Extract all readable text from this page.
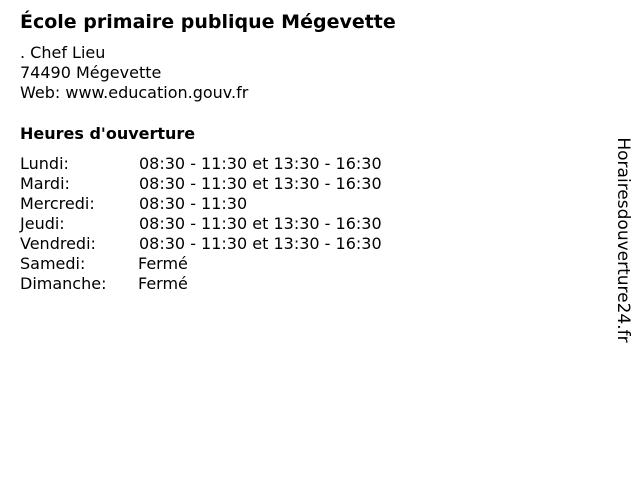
École primaire publique Mégevette
. Chef Lieu
74490 Mégevette
Web: www.education.gouv.fr
Heures d'ouverture
Lundi:	08:30 - 11:30 et 13:30 - 16:30
Mardi:	08:30 - 11:30 et 13:30 - 16:30
Mercredi:	08:30 - 11:30
Jeudi:	08:30 - 11:30 et 13:30 - 16:30
Vendredi:	08:30 - 11:30 et 13:30 - 16:30
Samedi:	Fermé
Dimanche: Fermé	Horairesdouverture24.fr
